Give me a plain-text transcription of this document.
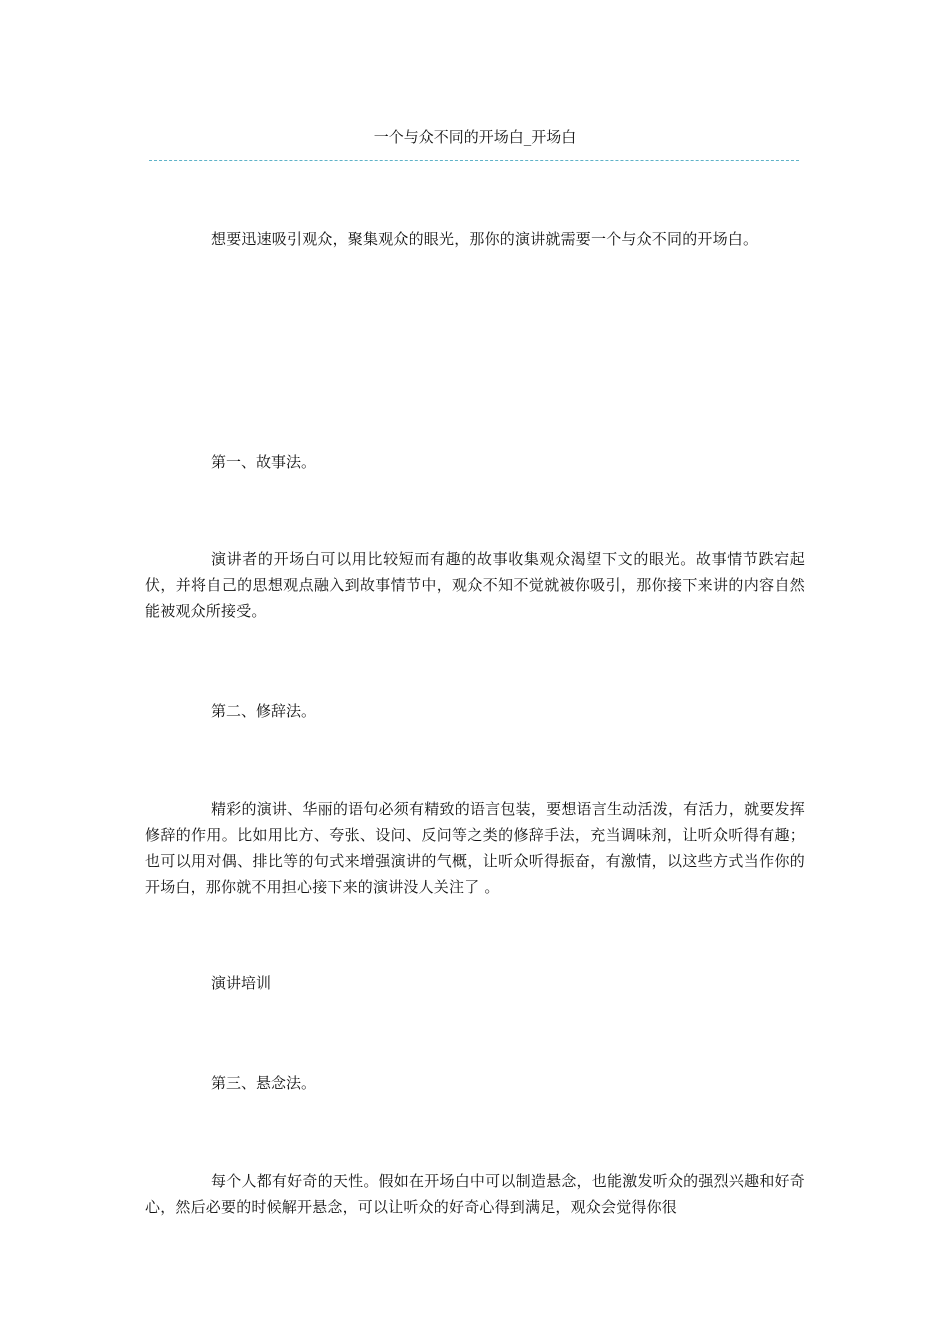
一个与众不同的开场白_开场白

想要迅速吸引观众，聚集观众的眼光，那你的演讲就需要一个与众不同的开场白。

第一、故事法。

演讲者的开场白可以用比较短而有趣的故事收集观众渴望下文的眼光。故事情节跌宕起伏，并将自己的思想观点融入到故事情节中，观众不知不觉就被你吸引，那你接下来讲的内容自然能被观众所接受。

第二、修辞法。

精彩的演讲、华丽的语句必须有精致的语言包装，要想语言生动活泼，有活力，就要发挥修辞的作用。比如用比方、夸张、设问、反问等之类的修辞手法，充当调味剂，让听众听得有趣；也可以用对偶、排比等的句式来增强演讲的气概，让听众听得振奋，有激情，以这些方式当作你的开场白，那你就不用担心接下来的演讲没人关注了 。

演讲培训

第三、悬念法。

每个人都有好奇的天性。假如在开场白中可以制造悬念，也能激发听众的强烈兴趣和好奇心，然后必要的时候解开悬念，可以让听众的好奇心得到满足，观众会觉得你很
